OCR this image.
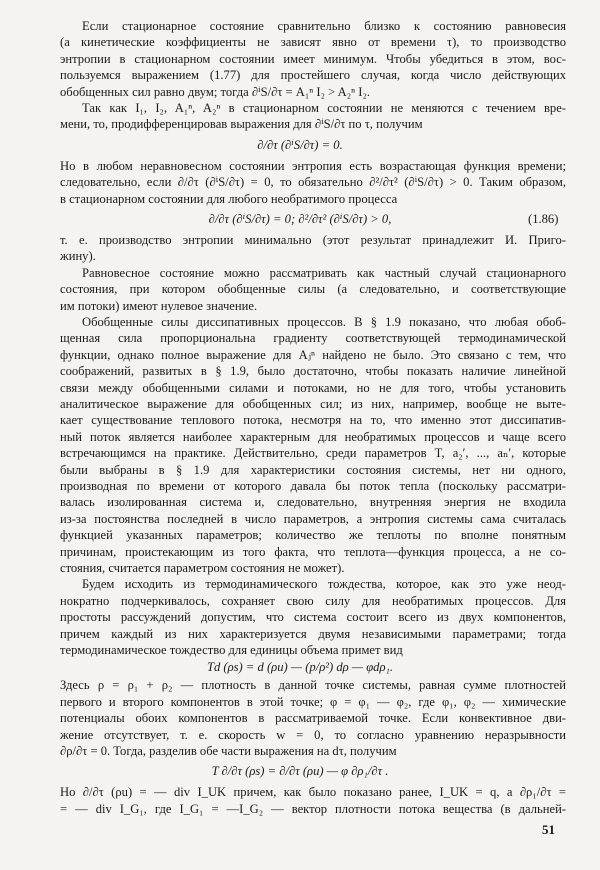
Если стационарное состояние сравнительно близко к состоянию равновесия
(а кинетические коэффициенты не зависят явно от времени τ), то производство
энтропии в стационарном состоянии имеет минимум. Чтобы убедиться в этом, вос-
пользуемся выражением (1.77) для простейшего случая, когда число действующих
обобщенных сил равно двум; тогда ∂ⁱS/∂τ = A₁ⁿ I₂ > A₂ⁿ I₂.
Так как I₁, I₂, A₁ⁿ, A₂ⁿ в стационарном состоянии не меняются с течением вре-
мени, то, продифференцировав выражения для ∂ⁱS/∂τ по τ, получим
∂/∂τ (∂ⁱS/∂τ) = 0.
Но в любом неравновесном состоянии энтропия есть возрастающая функция времени;
следовательно, если ∂/∂τ (∂ⁱS/∂τ) = 0, то обязательно ∂²/∂τ² (∂ⁱS/∂τ) > 0. Таким образом,
в стационарном состоянии для любого необратимого процесса
∂/∂τ (∂ⁱS/∂τ) = 0; ∂²/∂τ² (∂ⁱS/∂τ) > 0,	(1.86)
т. е. производство энтропии минимально (этот результат принадлежит И. Приго-
жину).
Равновесное состояние можно рассматривать как частный случай стационарного
состояния, при котором обобщенные силы (а следовательно, и соответствующие
им потоки) имеют нулевое значение.
Обобщенные силы диссипативных процессов. В § 1.9 показано, что любая обоб-
щенная сила пропорциональна градиенту соответствующей термодинамической
функции, однако полное выражение для Aⱼⁿ найдено не было. Это связано с тем, что
соображений, развитых в § 1.9, было достаточно, чтобы показать наличие линейной
связи между обобщенными силами и потоками, но не для того, чтобы установить
аналитическое выражение для обобщенных сил; из них, например, вообще не выте-
кает существование теплового потока, несмотря на то, что именно этот диссипатив-
ный поток является наиболее характерным для необратимых процессов и чаще всего
встречающимся на практике. Действительно, среди параметров T, a₂′, ..., aₙ′, которые
были выбраны в § 1.9 для характеристики состояния системы, нет ни одного,
производная по времени от которого давала бы поток тепла (поскольку рассматри-
валась изолированная система и, следовательно, внутренняя энергия не входила
из-за постоянства последней в число параметров, а энтропия системы сама считалась
функцией указанных параметров; количество же теплоты по вполне понятным
причинам, проистекающим из того факта, что теплота—функция процесса, а не со-
стояния, считается параметром состояния не может).
Будем исходить из термодинамического тождества, которое, как это уже неод-
нократно подчеркивалось, сохраняет свою силу для необратимых процессов. Для
простоты рассуждений допустим, что система состоит всего из двух компонентов,
причем каждый из них характеризуется двумя независимыми параметрами; тогда
термодинамическое тождество для единицы объема примет вид
Td (ρs) = d (ρu) — (p/ρ²) dρ — φdρ₁.
Здесь ρ = ρ₁ + ρ₂ — плотность в данной точке системы, равная сумме плотностей
первого и второго компонентов в этой точке; φ = φ₁ — φ₂, где φ₁, φ₂ — химические
потенциалы обоих компонентов в рассматриваемой точке. Если конвективное дви-
жение отсутствует, т. е. скорость w = 0, то согласно уравнению неразрывности
∂ρ/∂τ = 0. Тогда, разделив обе части выражения на dτ, получим
T ∂/∂τ (ρs) = ∂/∂τ (ρu) — φ ∂ρ₁/∂τ .
Но ∂/∂τ (ρu) = — div I_UK причем, как было показано ранее, I_UK = q, а ∂ρ₁/∂τ =
= — div I_G₁, где I_G₁ = —I_G₂ — вектор плотности потока вещества (в дальней-
51
